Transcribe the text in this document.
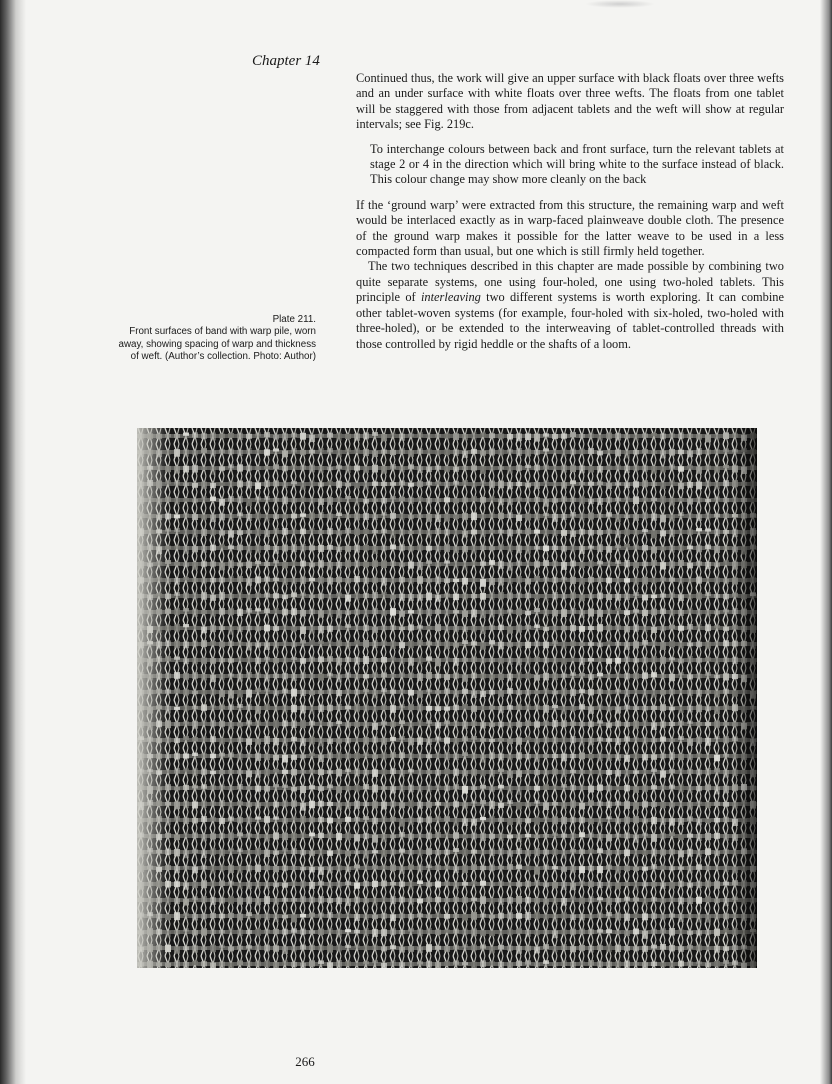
Chapter 14

Continued thus, the work will give an upper surface with black floats over three wefts and an under surface with white floats over three wefts. The floats from one tablet will be staggered with those from adjacent tablets and the weft will show at regular intervals; see Fig. 219c.

To interchange colours between back and front surface, turn the relevant tablets at stage 2 or 4 in the direction which will bring white to the surface instead of black. This colour change may show more cleanly on the back

If the ‘ground warp’ were extracted from this structure, the remaining warp and weft would be interlaced exactly as in warp-faced plainweave double cloth. The presence of the ground warp makes it possible for the latter weave to be used in a less compacted form than usual, but one which is still firmly held together.

The two techniques described in this chapter are made possible by combining two quite separate systems, one using four-holed, one using two-holed tablets. This principle of interleaving two different systems is worth exploring. It can combine other tablet-woven systems (for example, four-holed with six-holed, two-holed with three-holed), or be extended to the interweaving of tablet-controlled threads with those controlled by rigid heddle or the shafts of a loom.

Plate 211.
Front surfaces of band with warp pile, worn away, showing spacing of warp and thickness of weft. (Author’s collection. Photo: Author)
266
